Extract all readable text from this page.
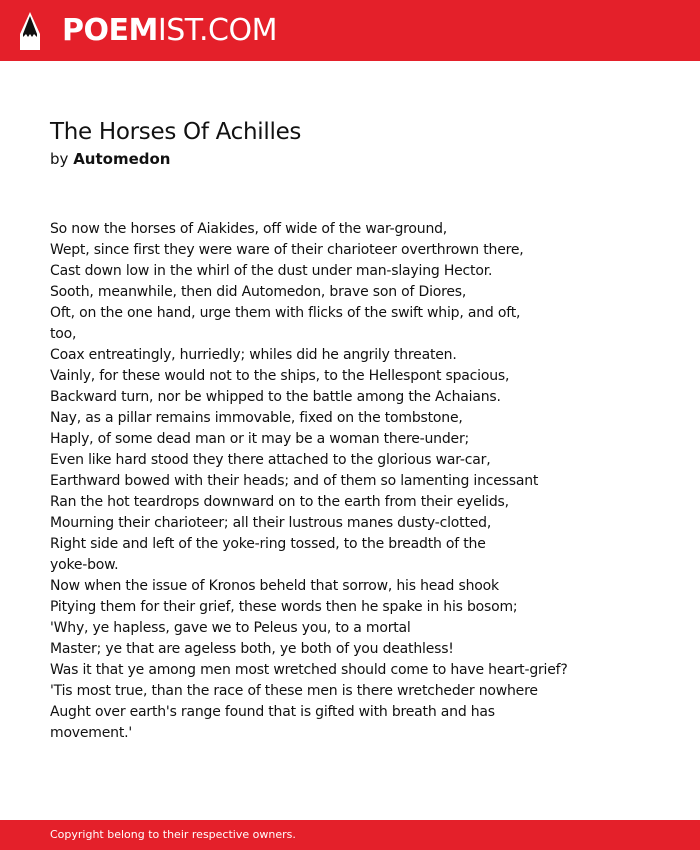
POEMIST.COM
The Horses Of Achilles
by Automedon
So now the horses of Aiakides, off wide of the war-ground,
Wept, since first they were ware of their charioteer overthrown there,
Cast down low in the whirl of the dust under man-slaying Hector.
Sooth, meanwhile, then did Automedon, brave son of Diores,
Oft, on the one hand, urge them with flicks of the swift whip, and oft,
too,
Coax entreatingly, hurriedly; whiles did he angrily threaten.
Vainly, for these would not to the ships, to the Hellespont spacious,
Backward turn, nor be whipped to the battle among the Achaians.
Nay, as a pillar remains immovable, fixed on the tombstone,
Haply, of some dead man or it may be a woman there-under;
Even like hard stood they there attached to the glorious war-car,
Earthward bowed with their heads; and of them so lamenting incessant
Ran the hot teardrops downward on to the earth from their eyelids,
Mourning their charioteer; all their lustrous manes dusty-clotted,
Right side and left of the yoke-ring tossed, to the breadth of the
yoke-bow.
Now when the issue of Kronos beheld that sorrow, his head shook
Pitying them for their grief, these words then he spake in his bosom;
'Why, ye hapless, gave we to Peleus you, to a mortal
Master; ye that are ageless both, ye both of you deathless!
Was it that ye among men most wretched should come to have heart-grief?
'Tis most true, than the race of these men is there wretcheder nowhere
Aught over earth's range found that is gifted with breath and has
movement.'
Copyright belong to their respective owners.
